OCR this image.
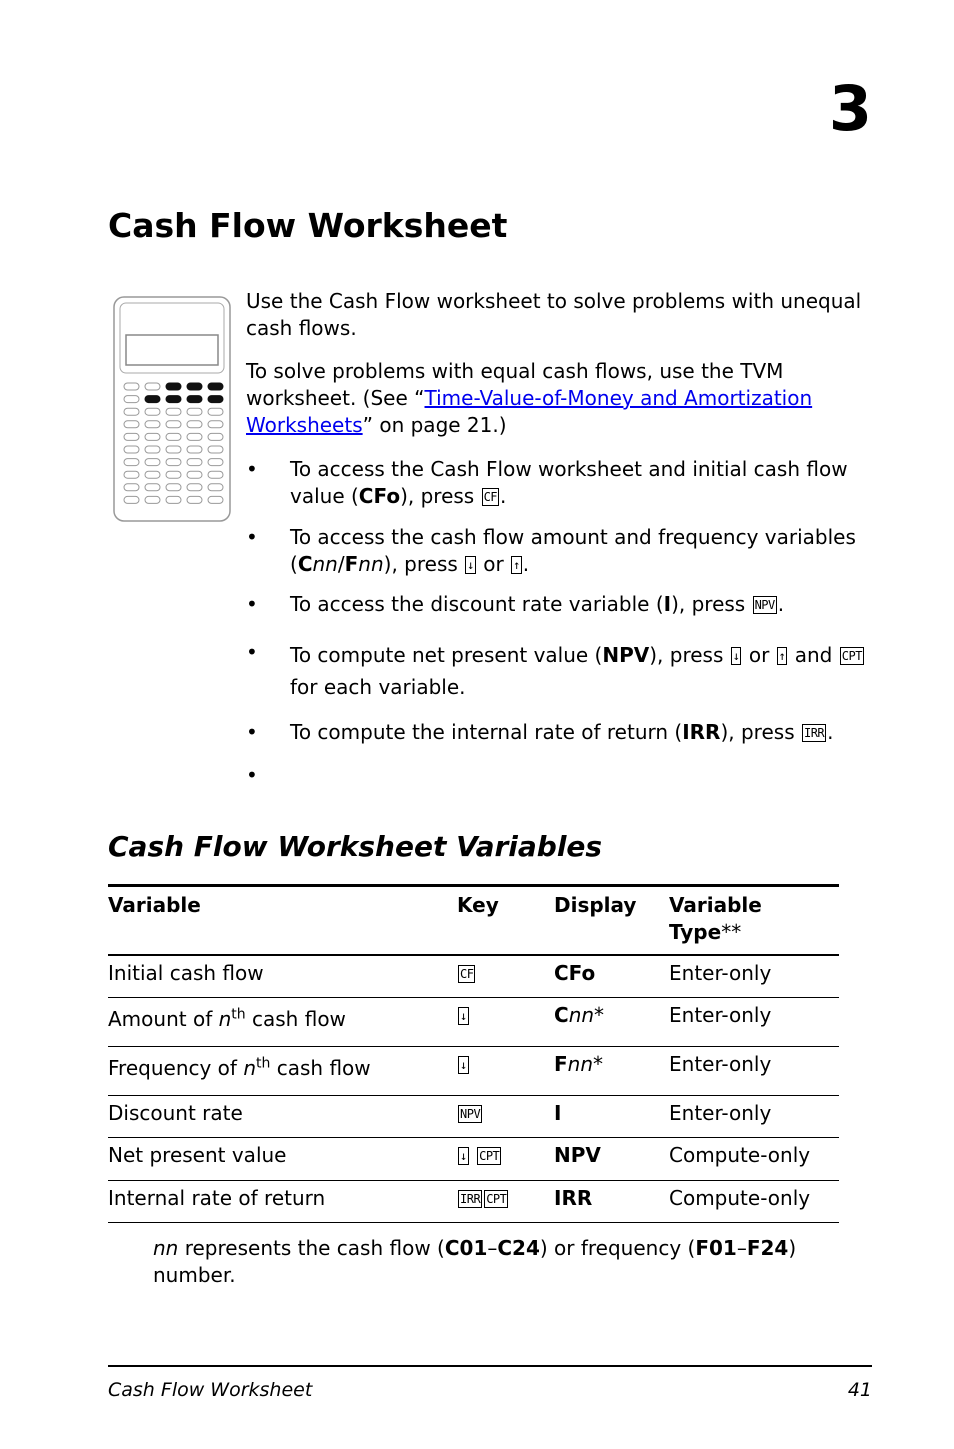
3
Cash Flow Worksheet
Use the Cash Flow worksheet to solve problems with unequal cash flows.
To solve problems with equal cash flows, use the TVM worksheet. (See “Time-Value-of-Money and Amortization Worksheets” on page 21.)
• To access the Cash Flow worksheet and initial cash flow value (CFo), press CF .
• To access the cash flow amount and frequency variables (Cnn/Fnn), press ↓ or ↑ .
• To access the discount rate variable (I), press NPV .
• To compute net present value (NPV), press ↓ or ↑ and CPT for each variable.
• To compute the internal rate of return (IRR), press IRR .
•
Cash Flow Worksheet Variables
Variable	Key	Display	Variable
Type**
Initial cash flow	CF	CFo	Enter-only
Amount of $n^{th}$ cash flow	↓	Cnn*	Enter-only
Frequency of $n^{th}$ cash flow	↓	Fnn*	Enter-only
Discount rate	NPV	I	Enter-only
Net present value	↓ CPT	NPV	Compute-only
Internal rate of return	IRR CPT	IRR	Compute-only
nn represents the cash flow (C01–C24) or frequency (F01–F24) number.
Cash Flow Worksheet	41
